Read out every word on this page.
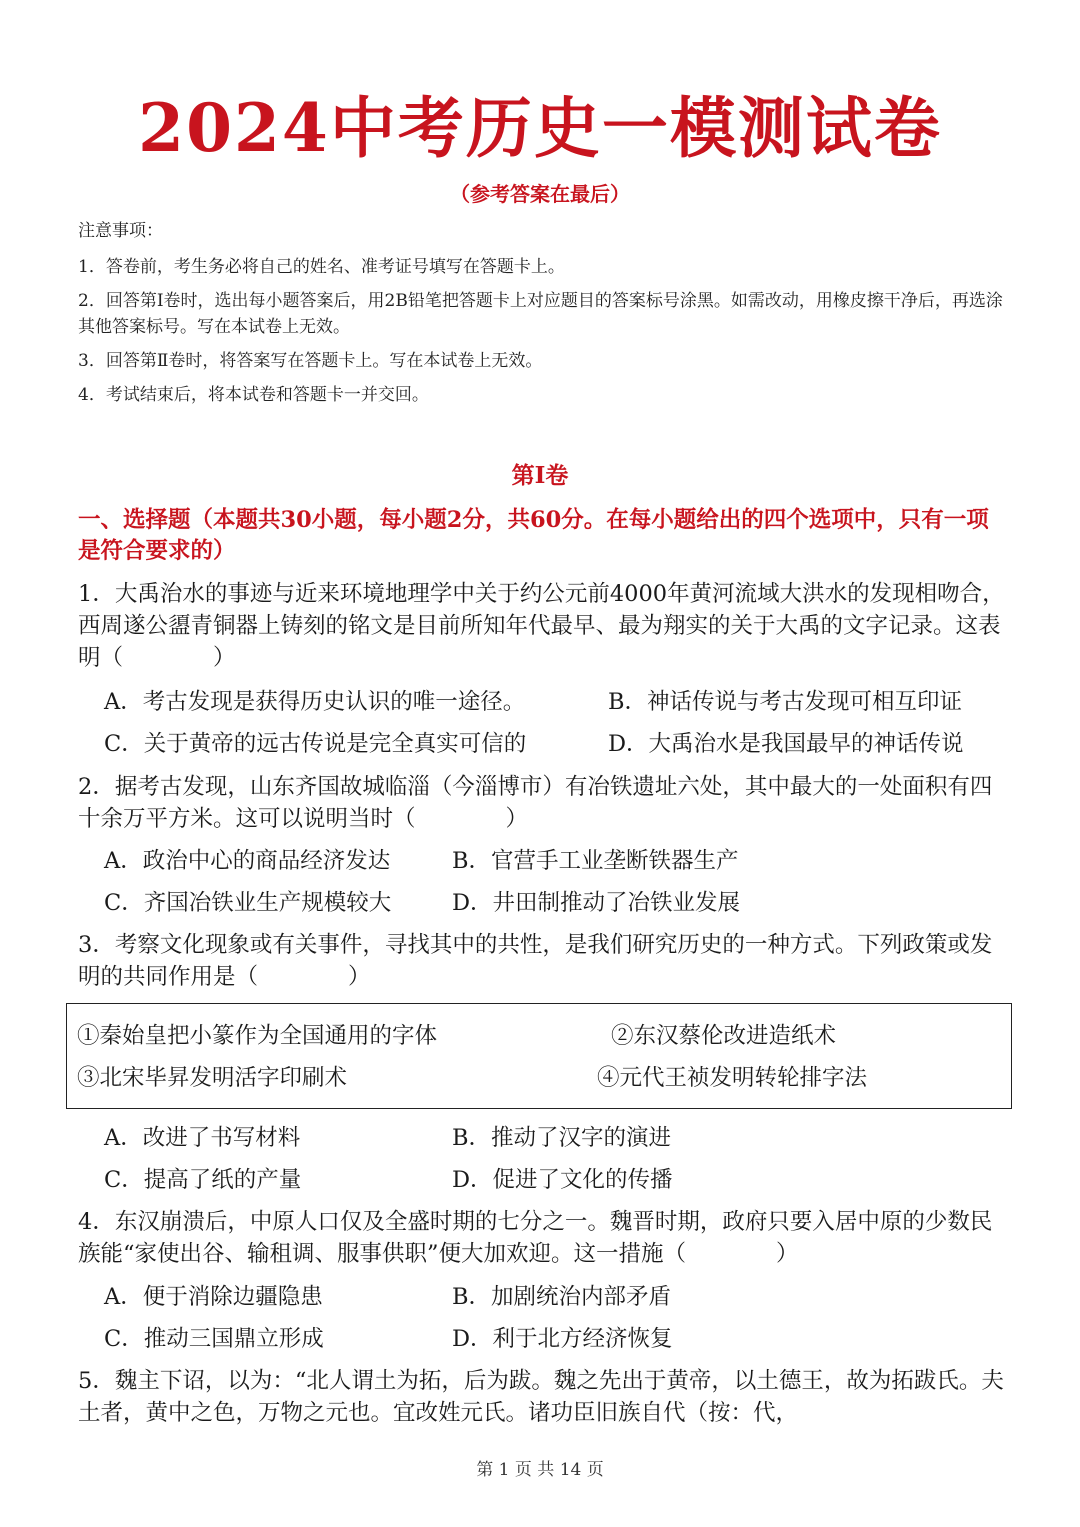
2024中考历史一模测试卷
（参考答案在最后）

注意事项：

1．答卷前，考生务必将自己的姓名、准考证号填写在答题卡上。

2．回答第Ⅰ卷时，选出每小题答案后，用2B铅笔把答题卡上对应题目的答案标号涂黑。如需改动，用橡皮擦干净后，再选涂其他答案标号。写在本试卷上无效。

3．回答第Ⅱ卷时，将答案写在答题卡上。写在本试卷上无效。

4．考试结束后，将本试卷和答题卡一并交回。

第Ⅰ卷
一、选择题（本题共30小题，每小题2分，共60分。在每小题给出的四个选项中，只有一项是符合要求的）
1．大禹治水的事迹与近来环境地理学中关于约公元前4000年黄河流域大洪水的发现相吻合，西周遂公盨青铜器上铸刻的铭文是目前所知年代最早、最为翔实的关于大禹的文字记录。这表明（　　　　）
A．考古发现是获得历史认识的唯一途径。	B．神话传说与考古发现可相互印证
C．关于黄帝的远古传说是完全真实可信的	D．大禹治水是我国最早的神话传说
2．据考古发现，山东齐国故城临淄（今淄博市）有冶铁遗址六处，其中最大的一处面积有四十余万平方米。这可以说明当时（　　　　）
A．政治中心的商品经济发达	B．官营手工业垄断铁器生产
C．齐国冶铁业生产规模较大	D．井田制推动了冶铁业发展
3．考察文化现象或有关事件，寻找其中的共性，是我们研究历史的一种方式。下列政策或发明的共同作用是（　　　　）
①秦始皇把小篆作为全国通用的字体	②东汉蔡伦改进造纸术
③北宋毕昇发明活字印刷术	④元代王祯发明转轮排字法
A．改进了书写材料	B．推动了汉字的演进
C．提高了纸的产量	D．促进了文化的传播
4．东汉崩溃后，中原人口仅及全盛时期的七分之一。魏晋时期，政府只要入居中原的少数民族能“家使出谷、输租调、服事供职”便大加欢迎。这一措施（　　　　）
A．便于消除边疆隐患	B．加剧统治内部矛盾
C．推动三国鼎立形成	D．利于北方经济恢复
5．魏主下诏，以为：“北人谓土为拓，后为跋。魏之先出于黄帝，以土德王，故为拓跋氏。夫土者，黄中之色，万物之元也。宜改姓元氏。诸功臣旧族自代（按：代，
第 1 页 共 14 页
